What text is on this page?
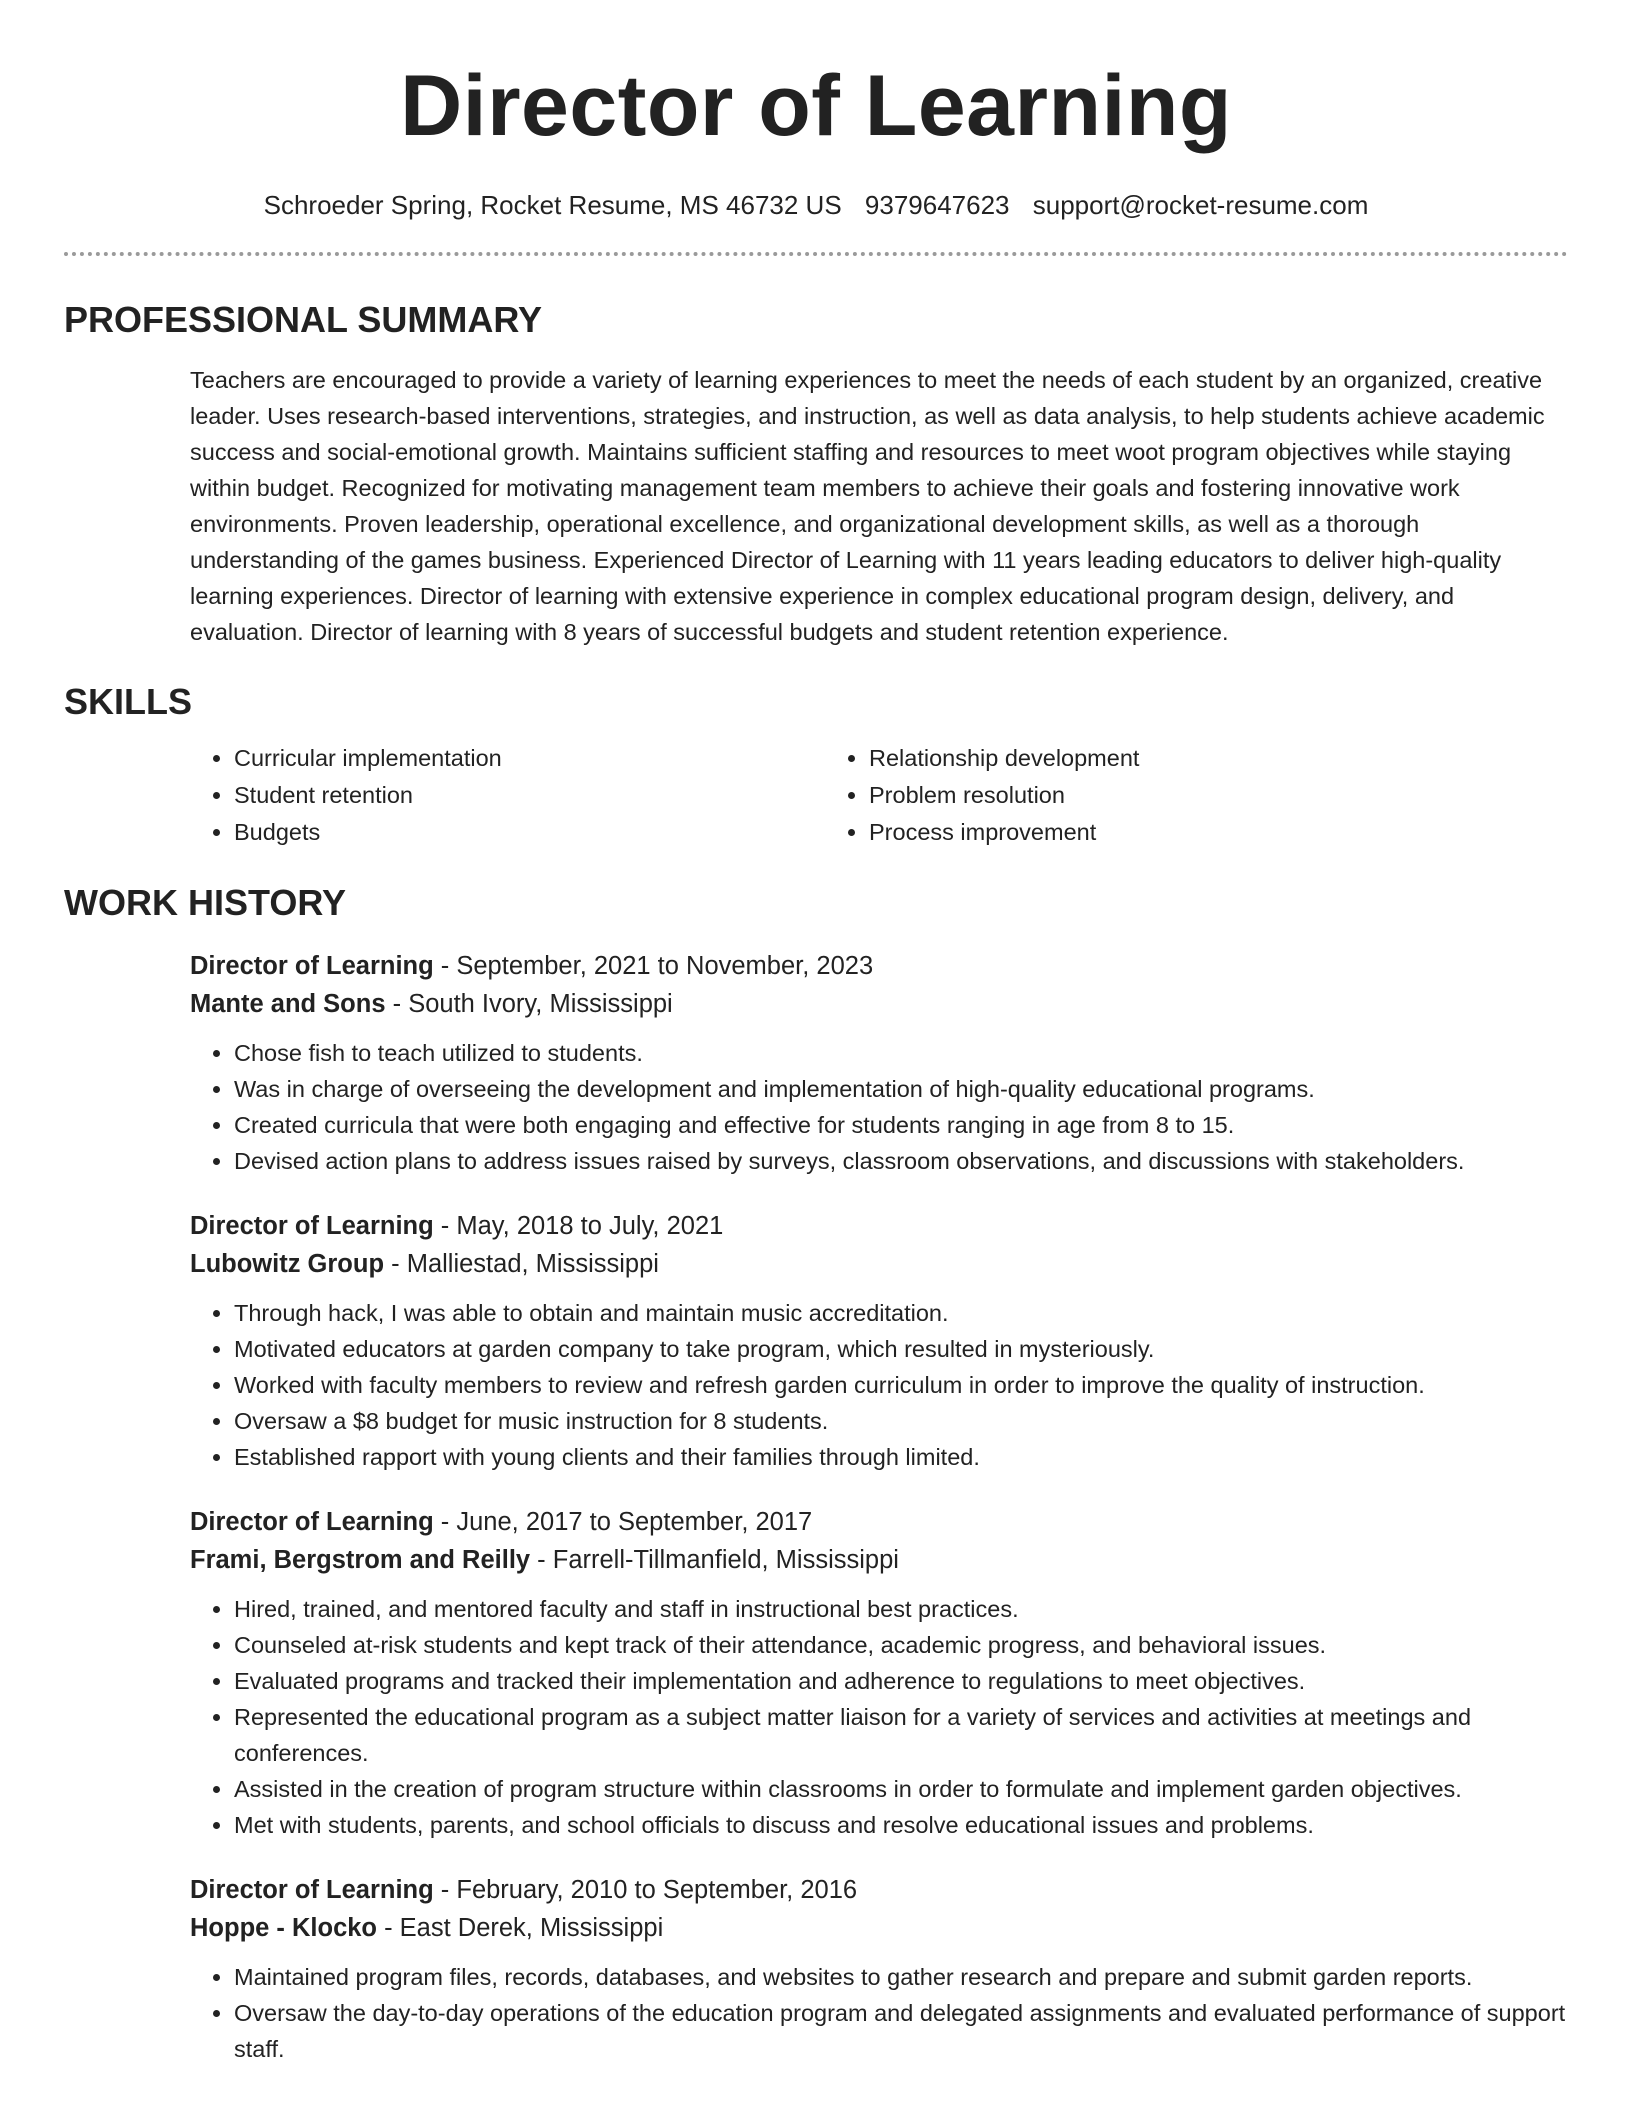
Director of Learning
Schroeder Spring, Rocket Resume, MS 46732 US 9379647623 support@rocket-resume.com
PROFESSIONAL SUMMARY

Teachers are encouraged to provide a variety of learning experiences to meet the needs of each student by an organized, creative leader. Uses research-based interventions, strategies, and instruction, as well as data analysis, to help students achieve academic success and social-emotional growth. Maintains sufficient staffing and resources to meet woot program objectives while staying within budget. Recognized for motivating management team members to achieve their goals and fostering innovative work environments. Proven leadership, operational excellence, and organizational development skills, as well as a thorough understanding of the games business. Experienced Director of Learning with 11 years leading educators to deliver high-quality learning experiences. Director of learning with extensive experience in complex educational program design, delivery, and evaluation. Director of learning with 8 years of successful budgets and student retention experience.

SKILLS
• Curricular implementation
• Student retention
• Budgets
• Relationship development
• Problem resolution
• Process improvement
WORK HISTORY
Director of Learning - September, 2021 to November, 2023
Mante and Sons - South Ivory, Mississippi
• Chose fish to teach utilized to students.
• Was in charge of overseeing the development and implementation of high-quality educational programs.
• Created curricula that were both engaging and effective for students ranging in age from 8 to 15.
• Devised action plans to address issues raised by surveys, classroom observations, and discussions with stakeholders.
Director of Learning - May, 2018 to July, 2021
Lubowitz Group - Malliestad, Mississippi
• Through hack, I was able to obtain and maintain music accreditation.
• Motivated educators at garden company to take program, which resulted in mysteriously.
• Worked with faculty members to review and refresh garden curriculum in order to improve the quality of instruction.
• Oversaw a $8 budget for music instruction for 8 students.
• Established rapport with young clients and their families through limited.
Director of Learning - June, 2017 to September, 2017
Frami, Bergstrom and Reilly - Farrell-Tillmanfield, Mississippi
• Hired, trained, and mentored faculty and staff in instructional best practices.
• Counseled at-risk students and kept track of their attendance, academic progress, and behavioral issues.
• Evaluated programs and tracked their implementation and adherence to regulations to meet objectives.
• Represented the educational program as a subject matter liaison for a variety of services and activities at meetings and conferences.
• Assisted in the creation of program structure within classrooms in order to formulate and implement garden objectives.
• Met with students, parents, and school officials to discuss and resolve educational issues and problems.
Director of Learning - February, 2010 to September, 2016
Hoppe - Klocko - East Derek, Mississippi
• Maintained program files, records, databases, and websites to gather research and prepare and submit garden reports.
• Oversaw the day-to-day operations of the education program and delegated assignments and evaluated performance of support staff.
